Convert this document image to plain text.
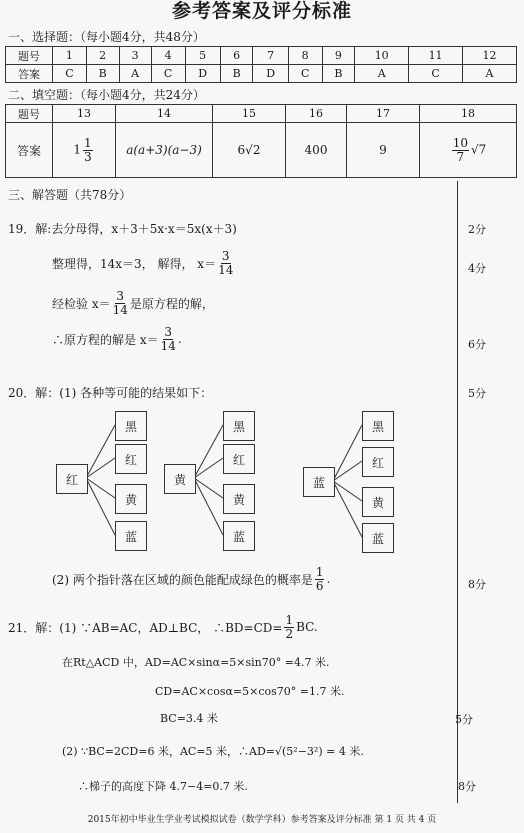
参考答案及评分标准
一、选择题：（每小题4分，共48分）
题号	1	2	3	4	5	6	7	8	9	10	11	12
答案	C	B	A	C	D	B	D	C	B	A	C	A
二、填空题：（每小题4分，共24分）
题号	13	14	15	16	17	18
答案	$1 \frac{1}{3}$	a(a+3)(a−3)	6√2	400	9	$\frac{10}{7} √7$
三、解答题（共78分）
19．解:去分母得，x＋3＋5x·x＝5x(x＋3)	2分
整理得，14x＝3， 解得， $x= \frac{3}{14}$	4分
经检验 $x= \frac{3}{14}$ 是原方程的解，
∴原方程的解是 $x= \frac{3}{14}$ .	6分
20．解：(1) 各种等可能的结果如下：	5分
红
黑
红
黄
蓝
黄
黑
红
黄
蓝
蓝
黑
红
黄
蓝
(2) 两个指针落在区域的颜色能配成绿色的概率是 $\frac{1}{6}$ .	8分
21．解：(1) ∵AB=AC，AD⊥BC， ∴BD=CD= $\frac{1}{2}$ BC.
在Rt△ACD 中，AD=AC×sinα=5×sin70° =4.7 米.
CD=AC×cosα=5×cos70° =1.7 米.
BC=3.4 米	5分
(2) ∵BC=2CD=6 米，AC=5 米，∴AD=√(5²−3²) = 4 米.
∴梯子的高度下降 4.7−4=0.7 米.	8分
2015年初中毕业生学业考试模拟试卷（数学学科）参考答案及评分标准 第 1 页 共 4 页
